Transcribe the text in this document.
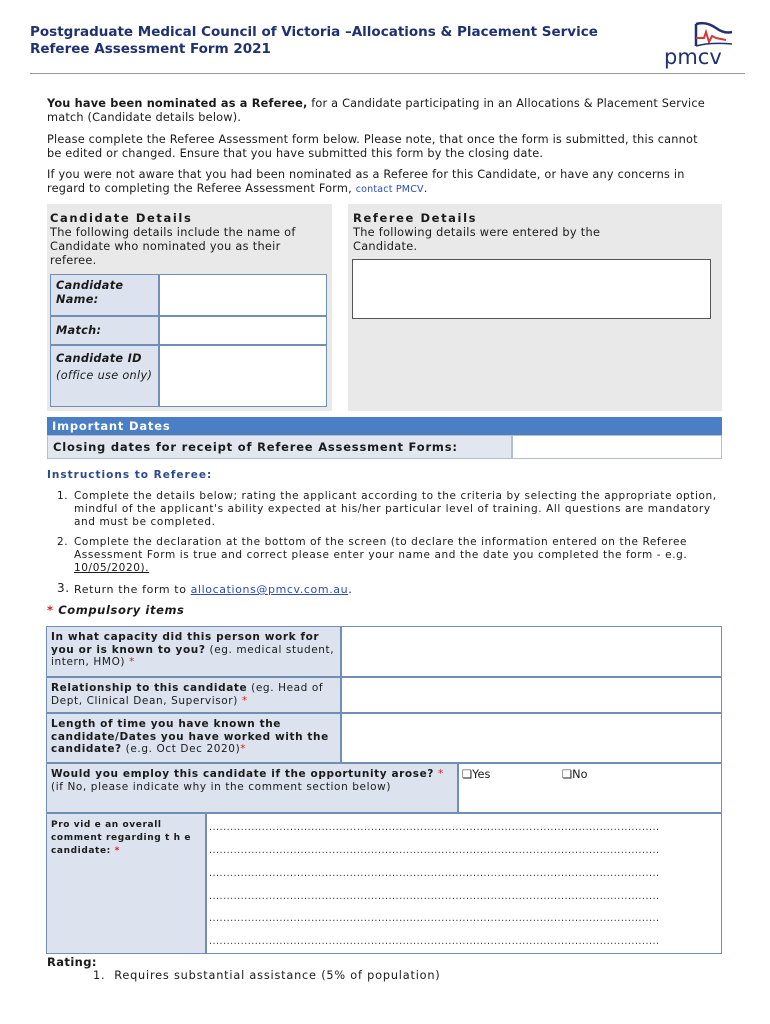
Postgraduate Medical Council of Victoria –Allocations & Placement Service
Referee Assessment Form 2021	pmcv
You have been nominated as a Referee, for a Candidate participating in an Allocations & Placement Service match (Candidate details below).
Please complete the Referee Assessment form below. Please note, that once the form is submitted, this cannot be edited or changed. Ensure that you have submitted this form by the closing date.
If you were not aware that you had been nominated as a Referee for this Candidate, or have any concerns in regard to completing the Referee Assessment Form, contact PMCV.
Candidate Details
The following details include the name of Candidate who nominated you as their referee.
Candidate Name:
Match:
Candidate ID
(office use only)
Referee Details
The following details were entered by the Candidate.
Important Dates
Closing dates for receipt of Referee Assessment Forms:
Instructions to Referee:
1. Complete the details below; rating the applicant according to the criteria by selecting the appropriate option, mindful of the applicant's ability expected at his/her particular level of training. All questions are mandatory and must be completed.
2. Complete the declaration at the bottom of the screen (to declare the information entered on the Referee Assessment Form is true and correct please enter your name and the date you completed the form - e.g. 10/05/2020).
3. Return the form to allocations@pmcv.com.au.
* Compulsory items
In what capacity did this person work for you or is known to you? (eg. medical student, intern, HMO) *
Relationship to this candidate (eg. Head of Dept, Clinical Dean, Supervisor) *
Length of time you have known the candidate/Dates you have worked with the candidate? (e.g. Oct Dec 2020)*
Would you employ this candidate if the opportunity arose? *
(if No, please indicate why in the comment section below)
❏Yes	❏No
Pro vid e an overall comment regarding t h e candidate: *
................................................................................................................................
................................................................................................................................
................................................................................................................................
................................................................................................................................
................................................................................................................................
................................................................................................................................
Rating:
1. Requires substantial assistance (5% of population)
